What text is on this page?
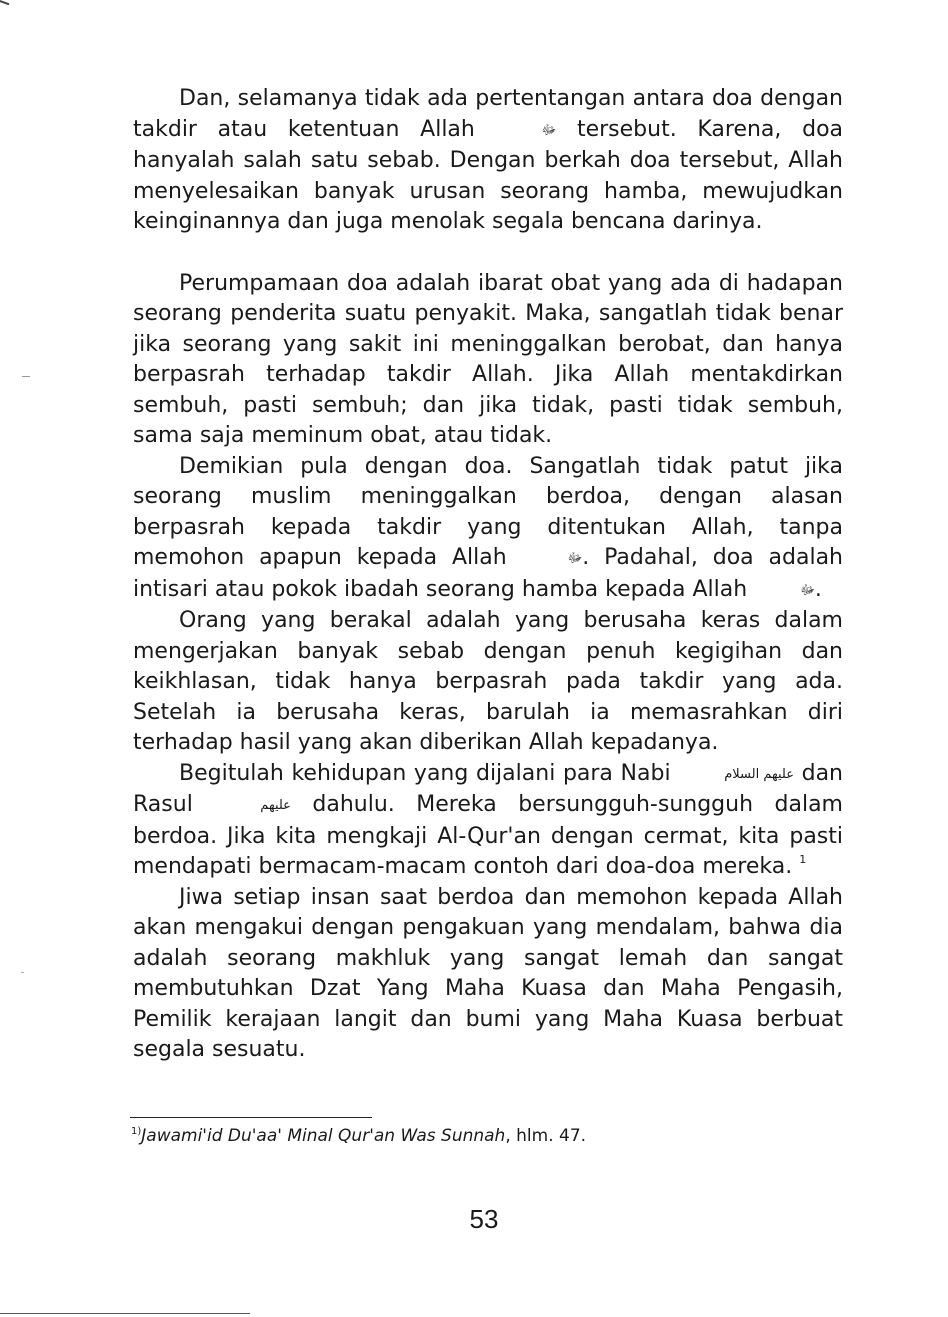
Dan, selamanya tidak ada pertentangan antara doa dengan takdir atau ketentuan Allah	ﷻ tersebut. Karena, doa hanyalah salah satu sebab. Dengan berkah doa tersebut, Allah menyelesaikan banyak urusan seorang hamba, mewujudkan keinginannya dan juga menolak segala bencana darinya.

Perumpamaan doa adalah ibarat obat yang ada di hadapan seorang penderita suatu penyakit. Maka, sangatlah tidak benar jika seorang yang sakit ini meninggalkan berobat, dan hanya berpasrah terhadap takdir Allah. Jika Allah mentakdirkan sembuh, pasti sembuh; dan jika tidak, pasti tidak sembuh, sama saja meminum obat, atau tidak.

Demikian pula dengan doa. Sangatlah tidak patut jika seorang muslim meninggalkan berdoa, dengan alasan berpasrah kepada takdir yang ditentukan Allah, tanpa memohon apapun kepada Allah	ﷻ. Padahal, doa adalah intisari atau pokok ibadah seorang hamba kepada Allah	ﷻ.

Orang yang berakal adalah yang berusaha keras dalam mengerjakan banyak sebab dengan penuh kegigihan dan keikhlasan, tidak hanya berpasrah pada takdir yang ada. Setelah ia berusaha keras, barulah ia memasrahkan diri terhadap hasil yang akan diberikan Allah kepadanya.

Begitulah kehidupan yang dijalani para Nabi	عليهم السلام dan Rasul	عليهم dahulu. Mereka bersungguh-sungguh dalam berdoa. Jika kita mengkaji Al-Qur'an dengan cermat, kita pasti mendapati bermacam-macam contoh dari doa-doa mereka. $^1$

Jiwa setiap insan saat berdoa dan memohon kepada Allah akan mengakui dengan pengakuan yang mendalam, bahwa dia adalah seorang makhluk yang sangat lemah dan sangat membutuhkan Dzat Yang Maha Kuasa dan Maha Pengasih, Pemilik kerajaan langit dan bumi yang Maha Kuasa berbuat segala sesuatu.

$^{1)}$Jawami'id Du'aa' Minal Qur'an Was Sunnah, hlm. 47.
53
